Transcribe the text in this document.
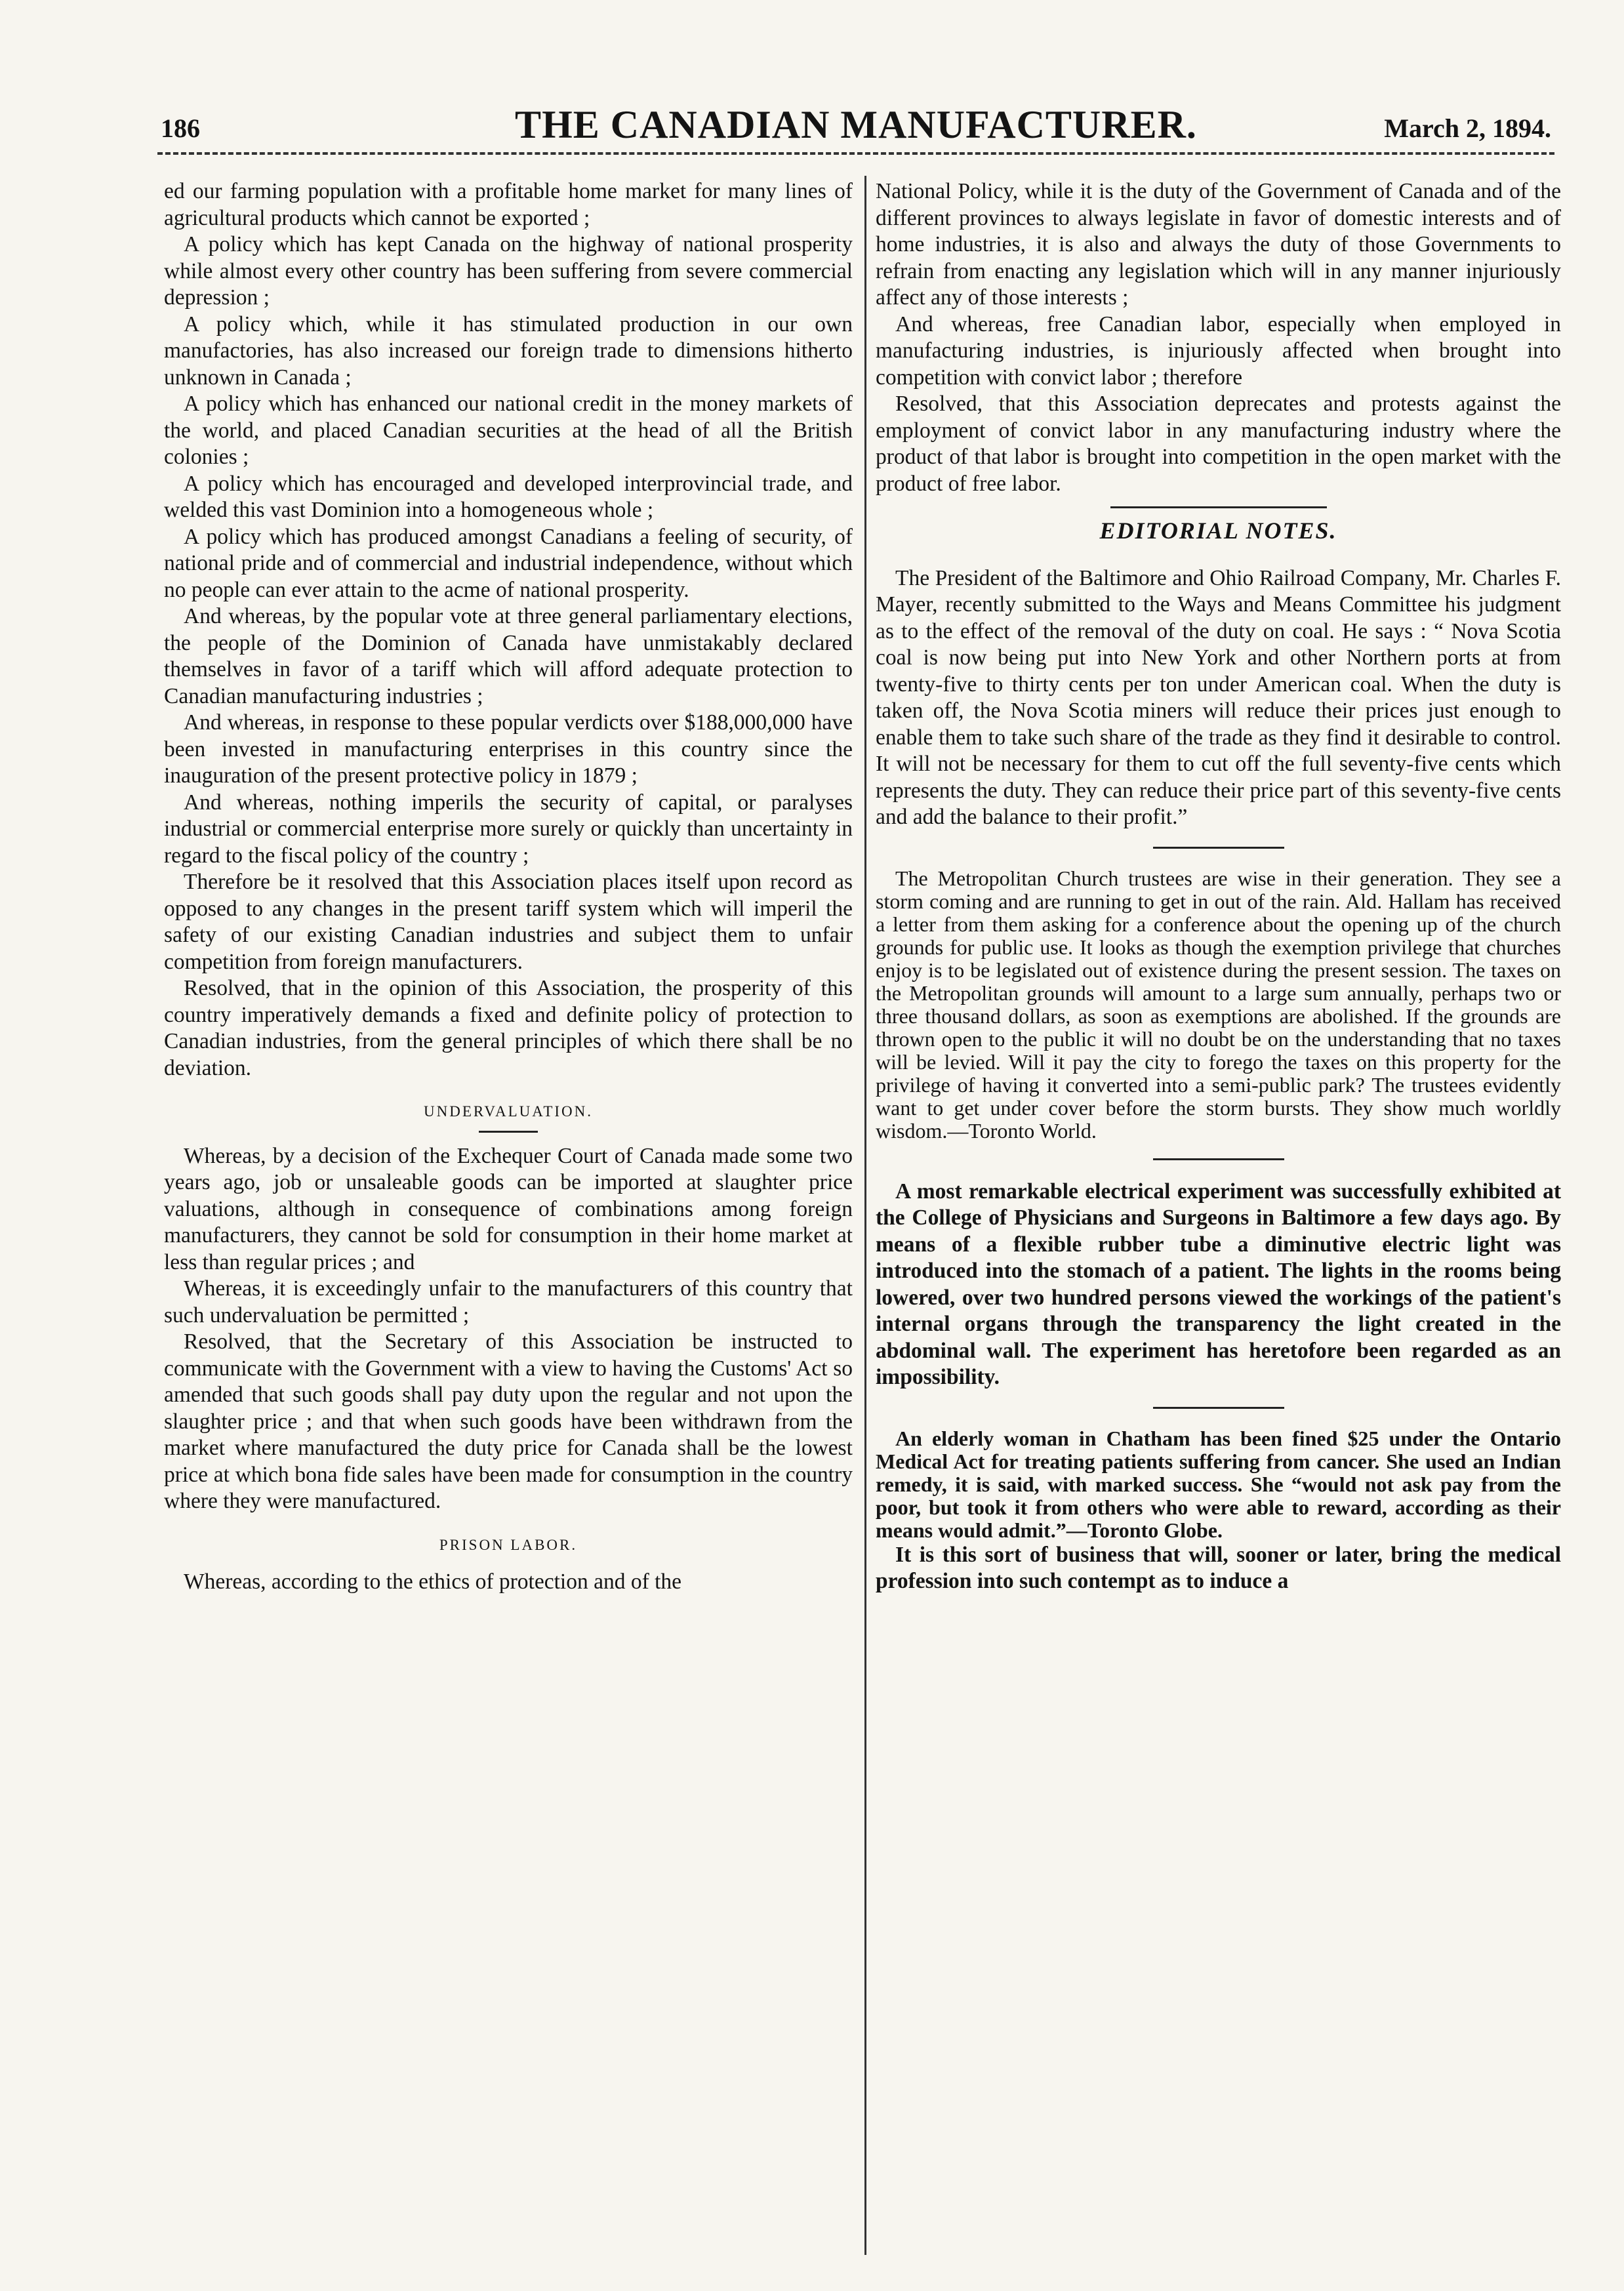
186	THE CANADIAN MANUFACTURER.	March 2, 1894.

ed our farming population with a profitable home market for many lines of agricultural products which cannot be exported ;

A policy which has kept Canada on the highway of national prosperity while almost every other country has been suffering from severe commercial depression ;

A policy which, while it has stimulated production in our own manufactories, has also increased our foreign trade to dimensions hitherto unknown in Canada ;

A policy which has enhanced our national credit in the money markets of the world, and placed Canadian securities at the head of all the British colonies ;

A policy which has encouraged and developed interprovincial trade, and welded this vast Dominion into a homogeneous whole ;

A policy which has produced amongst Canadians a feeling of security, of national pride and of commercial and industrial independence, without which no people can ever attain to the acme of national prosperity.

And whereas, by the popular vote at three general parliamentary elections, the people of the Dominion of Canada have unmistakably declared themselves in favor of a tariff which will afford adequate protection to Canadian manufacturing industries ;

And whereas, in response to these popular verdicts over $188,000,000 have been invested in manufacturing enterprises in this country since the inauguration of the present protective policy in 1879 ;

And whereas, nothing imperils the security of capital, or paralyses industrial or commercial enterprise more surely or quickly than uncertainty in regard to the fiscal policy of the country ;

Therefore be it resolved that this Association places itself upon record as opposed to any changes in the present tariff system which will imperil the safety of our existing Canadian industries and subject them to unfair competition from foreign manufacturers.

Resolved, that in the opinion of this Association, the prosperity of this country imperatively demands a fixed and definite policy of protection to Canadian industries, from the general principles of which there shall be no deviation.

UNDERVALUATION.

Whereas, by a decision of the Exchequer Court of Canada made some two years ago, job or unsaleable goods can be imported at slaughter price valuations, although in consequence of combinations among foreign manufacturers, they cannot be sold for consumption in their home market at less than regular prices ; and

Whereas, it is exceedingly unfair to the manufacturers of this country that such undervaluation be permitted ;

Resolved, that the Secretary of this Association be instructed to communicate with the Government with a view to having the Customs' Act so amended that such goods shall pay duty upon the regular and not upon the slaughter price ; and that when such goods have been withdrawn from the market where manufactured the duty price for Canada shall be the lowest price at which bona fide sales have been made for consumption in the country where they were manufactured.

PRISON LABOR.

Whereas, according to the ethics of protection and of the

National Policy, while it is the duty of the Government of Canada and of the different provinces to always legislate in favor of domestic interests and of home industries, it is also and always the duty of those Governments to refrain from enacting any legislation which will in any manner injuriously affect any of those interests ;

And whereas, free Canadian labor, especially when employed in manufacturing industries, is injuriously affected when brought into competition with convict labor ; therefore

Resolved, that this Association deprecates and protests against the employment of convict labor in any manufacturing industry where the product of that labor is brought into competition in the open market with the product of free labor.

EDITORIAL NOTES.

The President of the Baltimore and Ohio Railroad Company, Mr. Charles F. Mayer, recently submitted to the Ways and Means Committee his judgment as to the effect of the removal of the duty on coal. He says : “ Nova Scotia coal is now being put into New York and other Northern ports at from twenty-five to thirty cents per ton under American coal. When the duty is taken off, the Nova Scotia miners will reduce their prices just enough to enable them to take such share of the trade as they find it desirable to control. It will not be necessary for them to cut off the full seventy-five cents which represents the duty. They can reduce their price part of this seventy-five cents and add the balance to their profit.”

The Metropolitan Church trustees are wise in their generation. They see a storm coming and are running to get in out of the rain. Ald. Hallam has received a letter from them asking for a conference about the opening up of the church grounds for public use. It looks as though the exemption privilege that churches enjoy is to be legislated out of existence during the present session. The taxes on the Metropolitan grounds will amount to a large sum annually, perhaps two or three thousand dollars, as soon as exemptions are abolished. If the grounds are thrown open to the public it will no doubt be on the understanding that no taxes will be levied. Will it pay the city to forego the taxes on this property for the privilege of having it converted into a semi-public park? The trustees evidently want to get under cover before the storm bursts. They show much worldly wisdom.—Toronto World.

A most remarkable electrical experiment was successfully exhibited at the College of Physicians and Surgeons in Baltimore a few days ago. By means of a flexible rubber tube a diminutive electric light was introduced into the stomach of a patient. The lights in the rooms being lowered, over two hundred persons viewed the workings of the patient's internal organs through the transparency the light created in the abdominal wall. The experiment has heretofore been regarded as an impossibility.

An elderly woman in Chatham has been fined $25 under the Ontario Medical Act for treating patients suffering from cancer. She used an Indian remedy, it is said, with marked success. She “would not ask pay from the poor, but took it from others who were able to reward, according as their means would admit.”—Toronto Globe.

It is this sort of business that will, sooner or later, bring the medical profession into such contempt as to induce a
